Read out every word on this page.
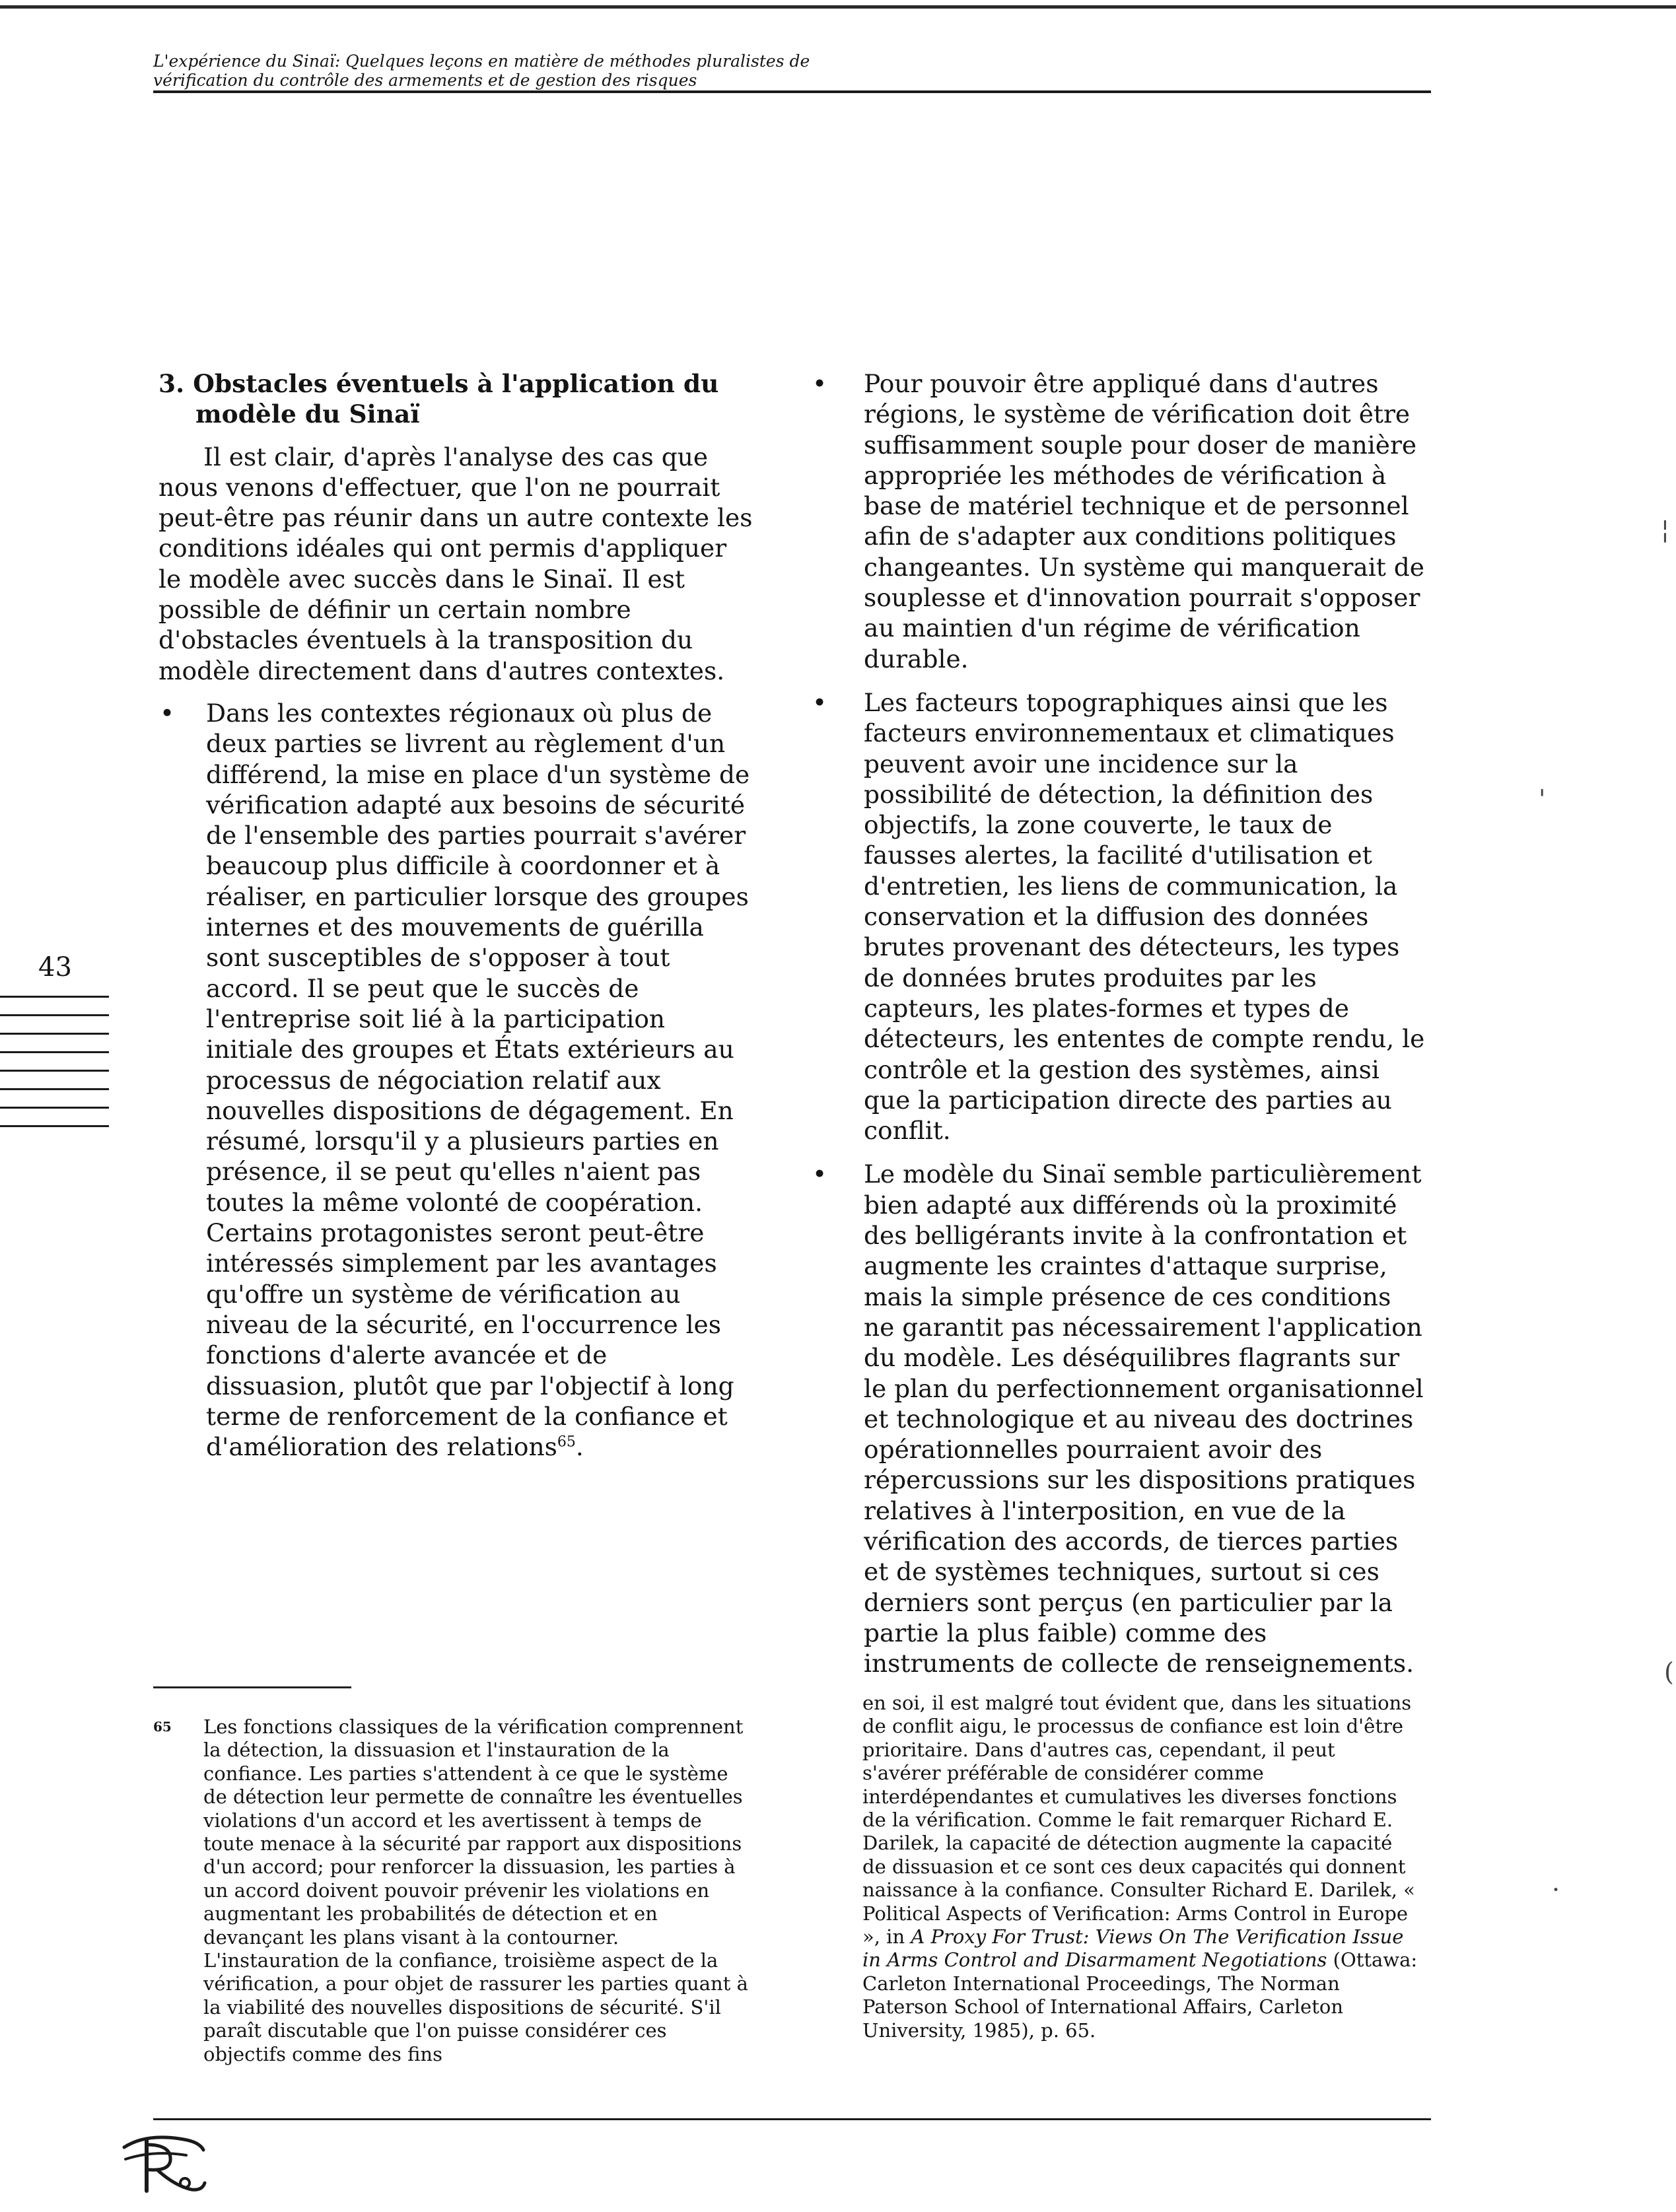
L'expérience du Sinaï: Quelques leçons en matière de méthodes pluralistes de
vérification du contrôle des armements et de gestion des risques
43

3. Obstacles éventuels à l'application du modèle du Sinaï

Il est clair, d'après l'analyse des cas que nous venons d'effectuer, que l'on ne pourrait peut-être pas réunir dans un autre contexte les conditions idéales qui ont permis d'appliquer le modèle avec succès dans le Sinaï. Il est possible de définir un certain nombre d'obstacles éventuels à la transposition du modèle directement dans d'autres contextes.

• Dans les contextes régionaux où plus de deux parties se livrent au règlement d'un différend, la mise en place d'un système de vérification adapté aux besoins de sécurité de l'ensemble des parties pourrait s'avérer beaucoup plus difficile à coordonner et à réaliser, en particulier lorsque des groupes internes et des mouvements de guérilla sont susceptibles de s'opposer à tout accord. Il se peut que le succès de l'entreprise soit lié à la participation initiale des groupes et États extérieurs au processus de négociation relatif aux nouvelles dispositions de dégagement. En résumé, lorsqu'il y a plusieurs parties en présence, il se peut qu'elles n'aient pas toutes la même volonté de coopération. Certains protagonistes seront peut-être intéressés simplement par les avantages qu'offre un système de vérification au niveau de la sécurité, en l'occurrence les fonctions d'alerte avancée et de dissuasion, plutôt que par l'objectif à long terme de renforcement de la confiance et d'amélioration des relations$^{65}$.
• Pour pouvoir être appliqué dans d'autres régions, le système de vérification doit être suffisamment souple pour doser de manière appropriée les méthodes de vérification à base de matériel technique et de personnel afin de s'adapter aux conditions politiques changeantes. Un système qui manquerait de souplesse et d'innovation pourrait s'opposer au maintien d'un régime de vérification durable.
• Les facteurs topographiques ainsi que les facteurs environnementaux et climatiques peuvent avoir une incidence sur la possibilité de détection, la définition des objectifs, la zone couverte, le taux de fausses alertes, la facilité d'utilisation et d'entretien, les liens de communication, la conservation et la diffusion des données brutes provenant des détecteurs, les types de données brutes produites par les capteurs, les plates-formes et types de détecteurs, les ententes de compte rendu, le contrôle et la gestion des systèmes, ainsi que la participation directe des parties au conflit.
• Le modèle du Sinaï semble particulièrement bien adapté aux différends où la proximité des belligérants invite à la confrontation et augmente les craintes d'attaque surprise, mais la simple présence de ces conditions ne garantit pas nécessairement l'application du modèle. Les déséquilibres flagrants sur le plan du perfectionnement organisationnel et technologique et au niveau des doctrines opérationnelles pourraient avoir des répercussions sur les dispositions pratiques relatives à l'interposition, en vue de la vérification des accords, de tierces parties et de systèmes techniques, surtout si ces derniers sont perçus (en particulier par la partie la plus faible) comme des instruments de collecte de renseignements.
65	Les fonctions classiques de la vérification comprennent la détection, la dissuasion et l'instauration de la confiance. Les parties s'attendent à ce que le système de détection leur permette de connaître les éventuelles violations d'un accord et les avertissent à temps de toute menace à la sécurité par rapport aux dispositions d'un accord; pour renforcer la dissuasion, les parties à un accord doivent pouvoir prévenir les violations en augmentant les probabilités de détection et en devançant les plans visant à la contourner. L'instauration de la confiance, troisième aspect de la vérification, a pour objet de rassurer les parties quant à la viabilité des nouvelles dispositions de sécurité. S'il paraît discutable que l'on puisse considérer ces objectifs comme des fins
en soi, il est malgré tout évident que, dans les situations de conflit aigu, le processus de confiance est loin d'être prioritaire. Dans d'autres cas, cependant, il peut s'avérer préférable de considérer comme interdépendantes et cumulatives les diverses fonctions de la vérification. Comme le fait remarquer Richard E. Darilek, la capacité de détection augmente la capacité de dissuasion et ce sont ces deux capacités qui donnent naissance à la confiance. Consulter Richard E. Darilek, « Political Aspects of Verification: Arms Control in Europe », in A Proxy For Trust: Views On The Verification Issue in Arms Control and Disarmament Negotiations (Ottawa: Carleton International Proceedings, The Norman Paterson School of International Affairs, Carleton University, 1985), p. 65.
'
¦
(
·
